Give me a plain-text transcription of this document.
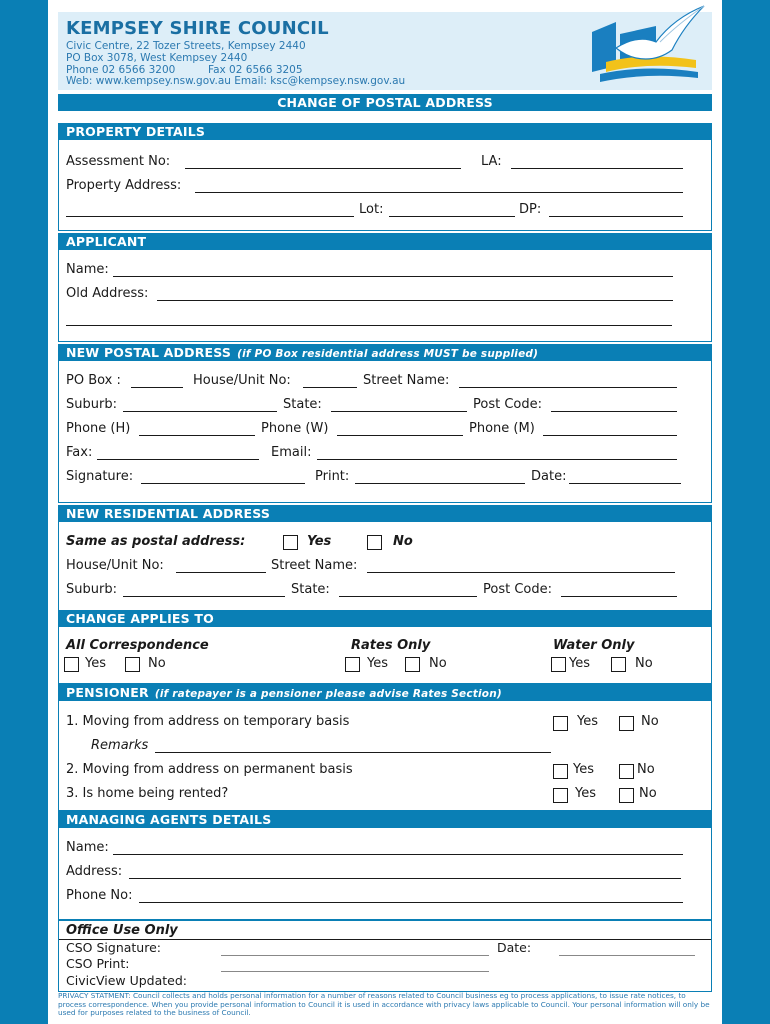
KEMPSEY SHIRE COUNCIL
Civic Centre, 22 Tozer Streets, Kempsey 2440
PO Box 3078, West Kempsey 2440
Phone 02 6566 3200	Fax 02 6566 3205
Web: www.kempsey.nsw.gov.au Email: ksc@kempsey.nsw.gov.au
CHANGE OF POSTAL ADDRESS
PROPERTY DETAILS
Assessment No:	LA:
Property Address:
Lot:	DP:
APPLICANT
Name:
Old Address:
NEW POSTAL ADDRESS (if PO Box residential address MUST be supplied)
PO Box :	House/Unit No:	Street Name:
Suburb:	State:	Post Code:
Phone (H)	Phone (W)	Phone (M)
Fax:	Email:
Signature:	Print:	Date:
NEW RESIDENTIAL ADDRESS
Same as postal address:	Yes	No
House/Unit No:	Street Name:
Suburb:	State:	Post Code:
CHANGE APPLIES TO
All Correspondence	Rates Only	Water Only
Yes	No	Yes	No	Yes	No
PENSIONER (if ratepayer is a pensioner please advise Rates Section)
1. Moving from address on temporary basis	Yes	No
Remarks
2. Moving from address on permanent basis	Yes	No
3. Is home being rented?	Yes	No
MANAGING AGENTS DETAILS
Name:
Address:
Phone No:
Office Use Only
CSO Signature:	Date:
CSO Print:
CivicView Updated:
PRIVACY STATMENT: Council collects and holds personal information for a number of reasons related to Council business eg to process applications, to issue rate notices, to process correspondence. When you provide personal information to Council it is used in accordance with privacy laws applicable to Council. Your personal information will only be used for purposes related to the business of Council.
